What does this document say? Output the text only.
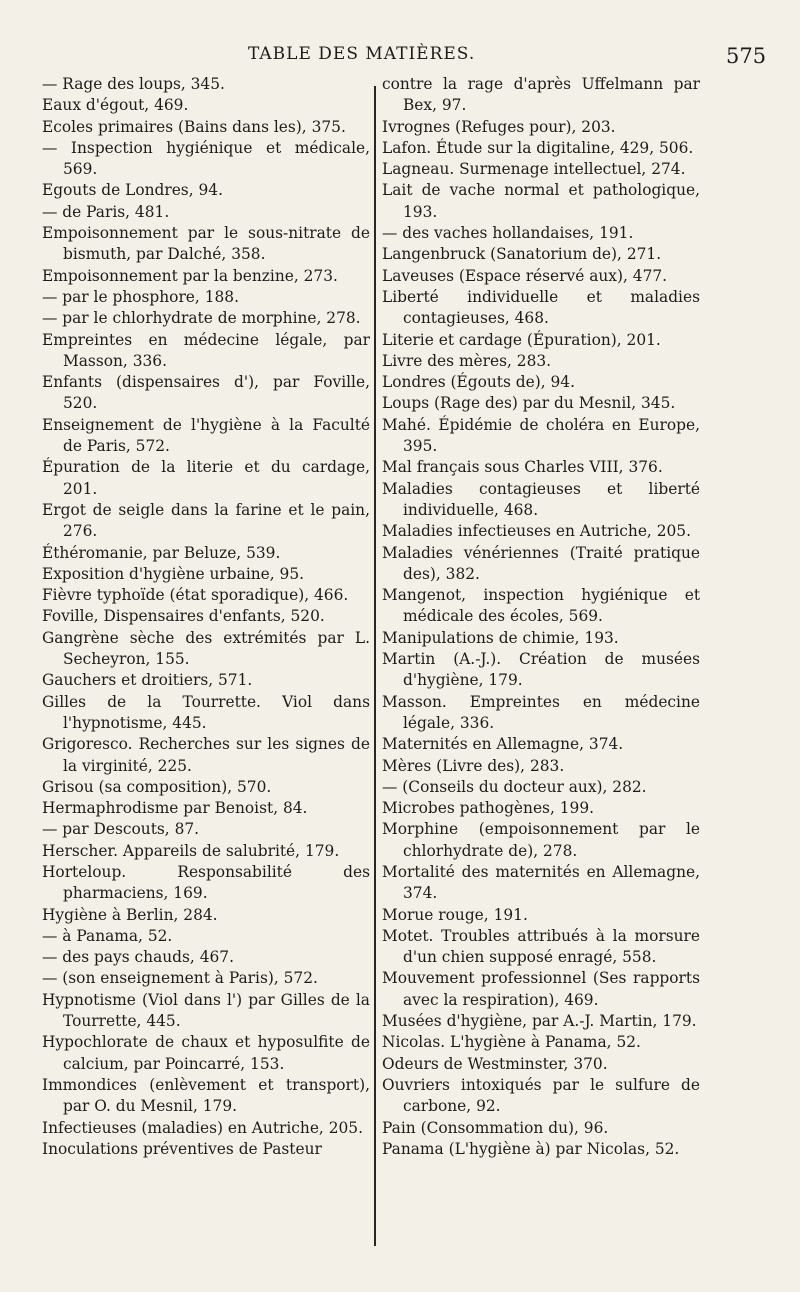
TABLE DES MATIÈRES.	575
— Rage des loups, 345.
Eaux d'égout, 469.
Ecoles primaires (Bains dans les), 375.
— Inspection hygiénique et médicale, 569.
Egouts de Londres, 94.
— de Paris, 481.
Empoisonnement par le sous-nitrate de bismuth, par Dalché, 358.
Empoisonnement par la benzine, 273.
— par le phosphore, 188.
— par le chlorhydrate de morphine, 278.
Empreintes en médecine légale, par Masson, 336.
Enfants (dispensaires d'), par Foville, 520.
Enseignement de l'hygiène à la Faculté de Paris, 572.
Épuration de la literie et du cardage, 201.
Ergot de seigle dans la farine et le pain, 276.
Éthéromanie, par Beluze, 539.
Exposition d'hygiène urbaine, 95.
Fièvre typhoïde (état sporadique), 466.
Foville, Dispensaires d'enfants, 520.
Gangrène sèche des extrémités par L. Secheyron, 155.
Gauchers et droitiers, 571.
Gilles de la Tourrette. Viol dans l'hypnotisme, 445.
Grigoresco. Recherches sur les signes de la virginité, 225.
Grisou (sa composition), 570.
Hermaphrodisme par Benoist, 84.
— par Descouts, 87.
Herscher. Appareils de salubrité, 179.
Horteloup. Responsabilité des pharmaciens, 169.
Hygiène à Berlin, 284.
— à Panama, 52.
— des pays chauds, 467.
— (son enseignement à Paris), 572.
Hypnotisme (Viol dans l') par Gilles de la Tourrette, 445.
Hypochlorate de chaux et hyposulfite de calcium, par Poincarré, 153.
Immondices (enlèvement et transport), par O. du Mesnil, 179.
Infectieuses (maladies) en Autriche, 205.
Inoculations préventives de Pasteur
contre la rage d'après Uffelmann par Bex, 97.
Ivrognes (Refuges pour), 203.
Lafon. Étude sur la digitaline, 429, 506.
Lagneau. Surmenage intellectuel, 274.
Lait de vache normal et pathologique, 193.
— des vaches hollandaises, 191.
Langenbruck (Sanatorium de), 271.
Laveuses (Espace réservé aux), 477.
Liberté individuelle et maladies contagieuses, 468.
Literie et cardage (Épuration), 201.
Livre des mères, 283.
Londres (Égouts de), 94.
Loups (Rage des) par du Mesnil, 345.
Mahé. Épidémie de choléra en Europe, 395.
Mal français sous Charles VIII, 376.
Maladies contagieuses et liberté individuelle, 468.
Maladies infectieuses en Autriche, 205.
Maladies vénériennes (Traité pratique des), 382.
Mangenot, inspection hygiénique et médicale des écoles, 569.
Manipulations de chimie, 193.
Martin (A.-J.). Création de musées d'hygiène, 179.
Masson. Empreintes en médecine légale, 336.
Maternités en Allemagne, 374.
Mères (Livre des), 283.
— (Conseils du docteur aux), 282.
Microbes pathogènes, 199.
Morphine (empoisonnement par le chlorhydrate de), 278.
Mortalité des maternités en Allemagne, 374.
Morue rouge, 191.
Motet. Troubles attribués à la morsure d'un chien supposé enragé, 558.
Mouvement professionnel (Ses rapports avec la respiration), 469.
Musées d'hygiène, par A.-J. Martin, 179.
Nicolas. L'hygiène à Panama, 52.
Odeurs de Westminster, 370.
Ouvriers intoxiqués par le sulfure de carbone, 92.
Pain (Consommation du), 96.
Panama (L'hygiène à) par Nicolas, 52.
